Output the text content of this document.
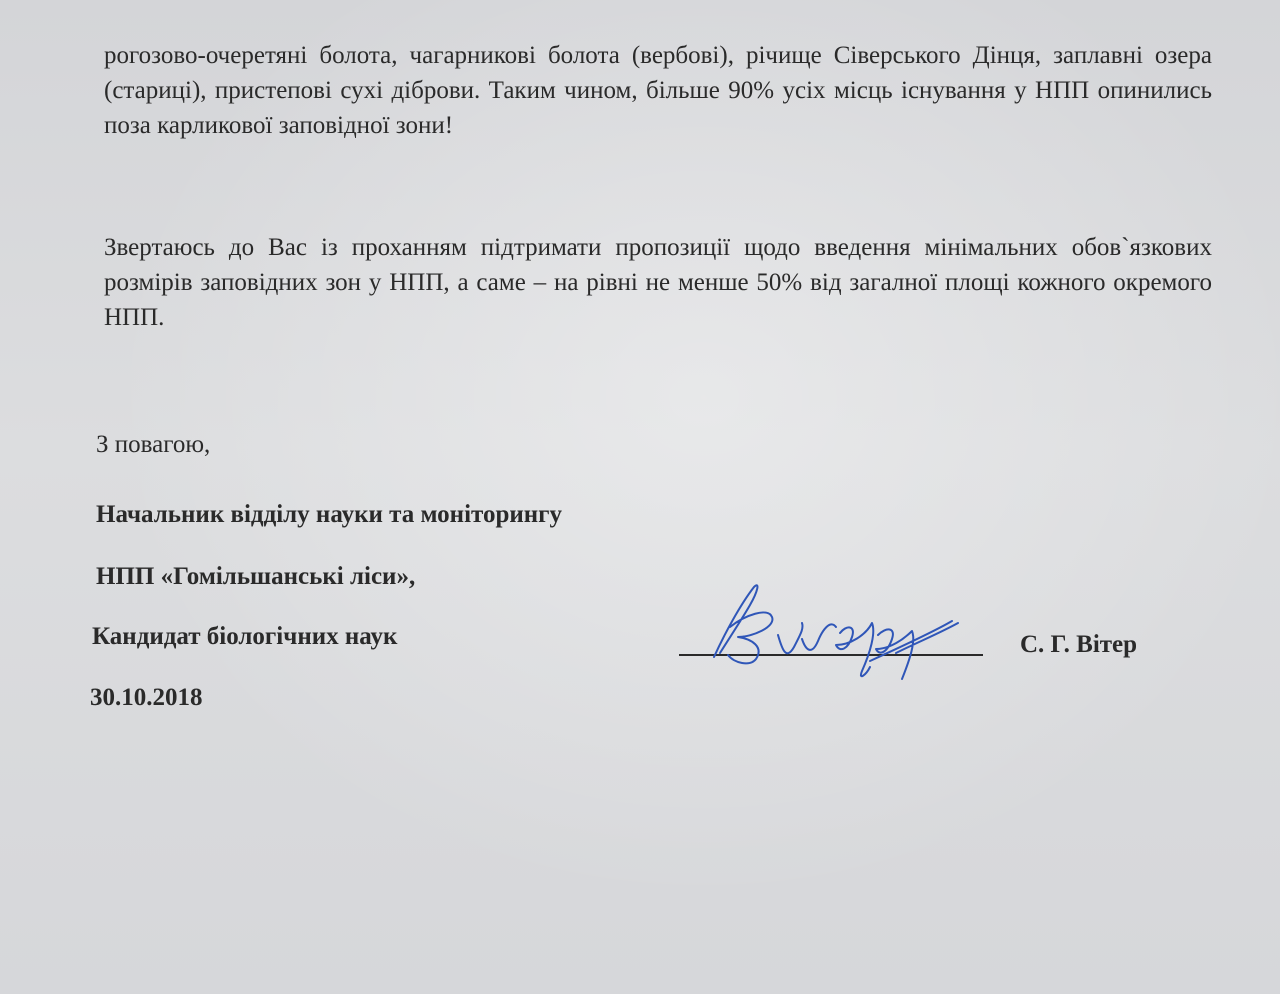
рогозово-очеретяні болота, чагарникові болота (вербові), річище Сіверського Дінця, заплавні озера (стариці), пристепові сухі діброви. Таким чином, більше 90% усіх місць існування у НПП опинились поза карликової заповідної зони!

Звертаюсь до Вас із проханням підтримати пропозиції щодо введення мінімальних обов`язкових розмірів заповідних зон у НПП, а саме – на рівні не менше 50% від загалної площі кожного окремого НПП.

З повагою,

Начальник відділу науки та моніторингу

НПП «Гомільшанські ліси»,

Кандидат біологічних наук

30.10.2018

С. Г. Вітер
